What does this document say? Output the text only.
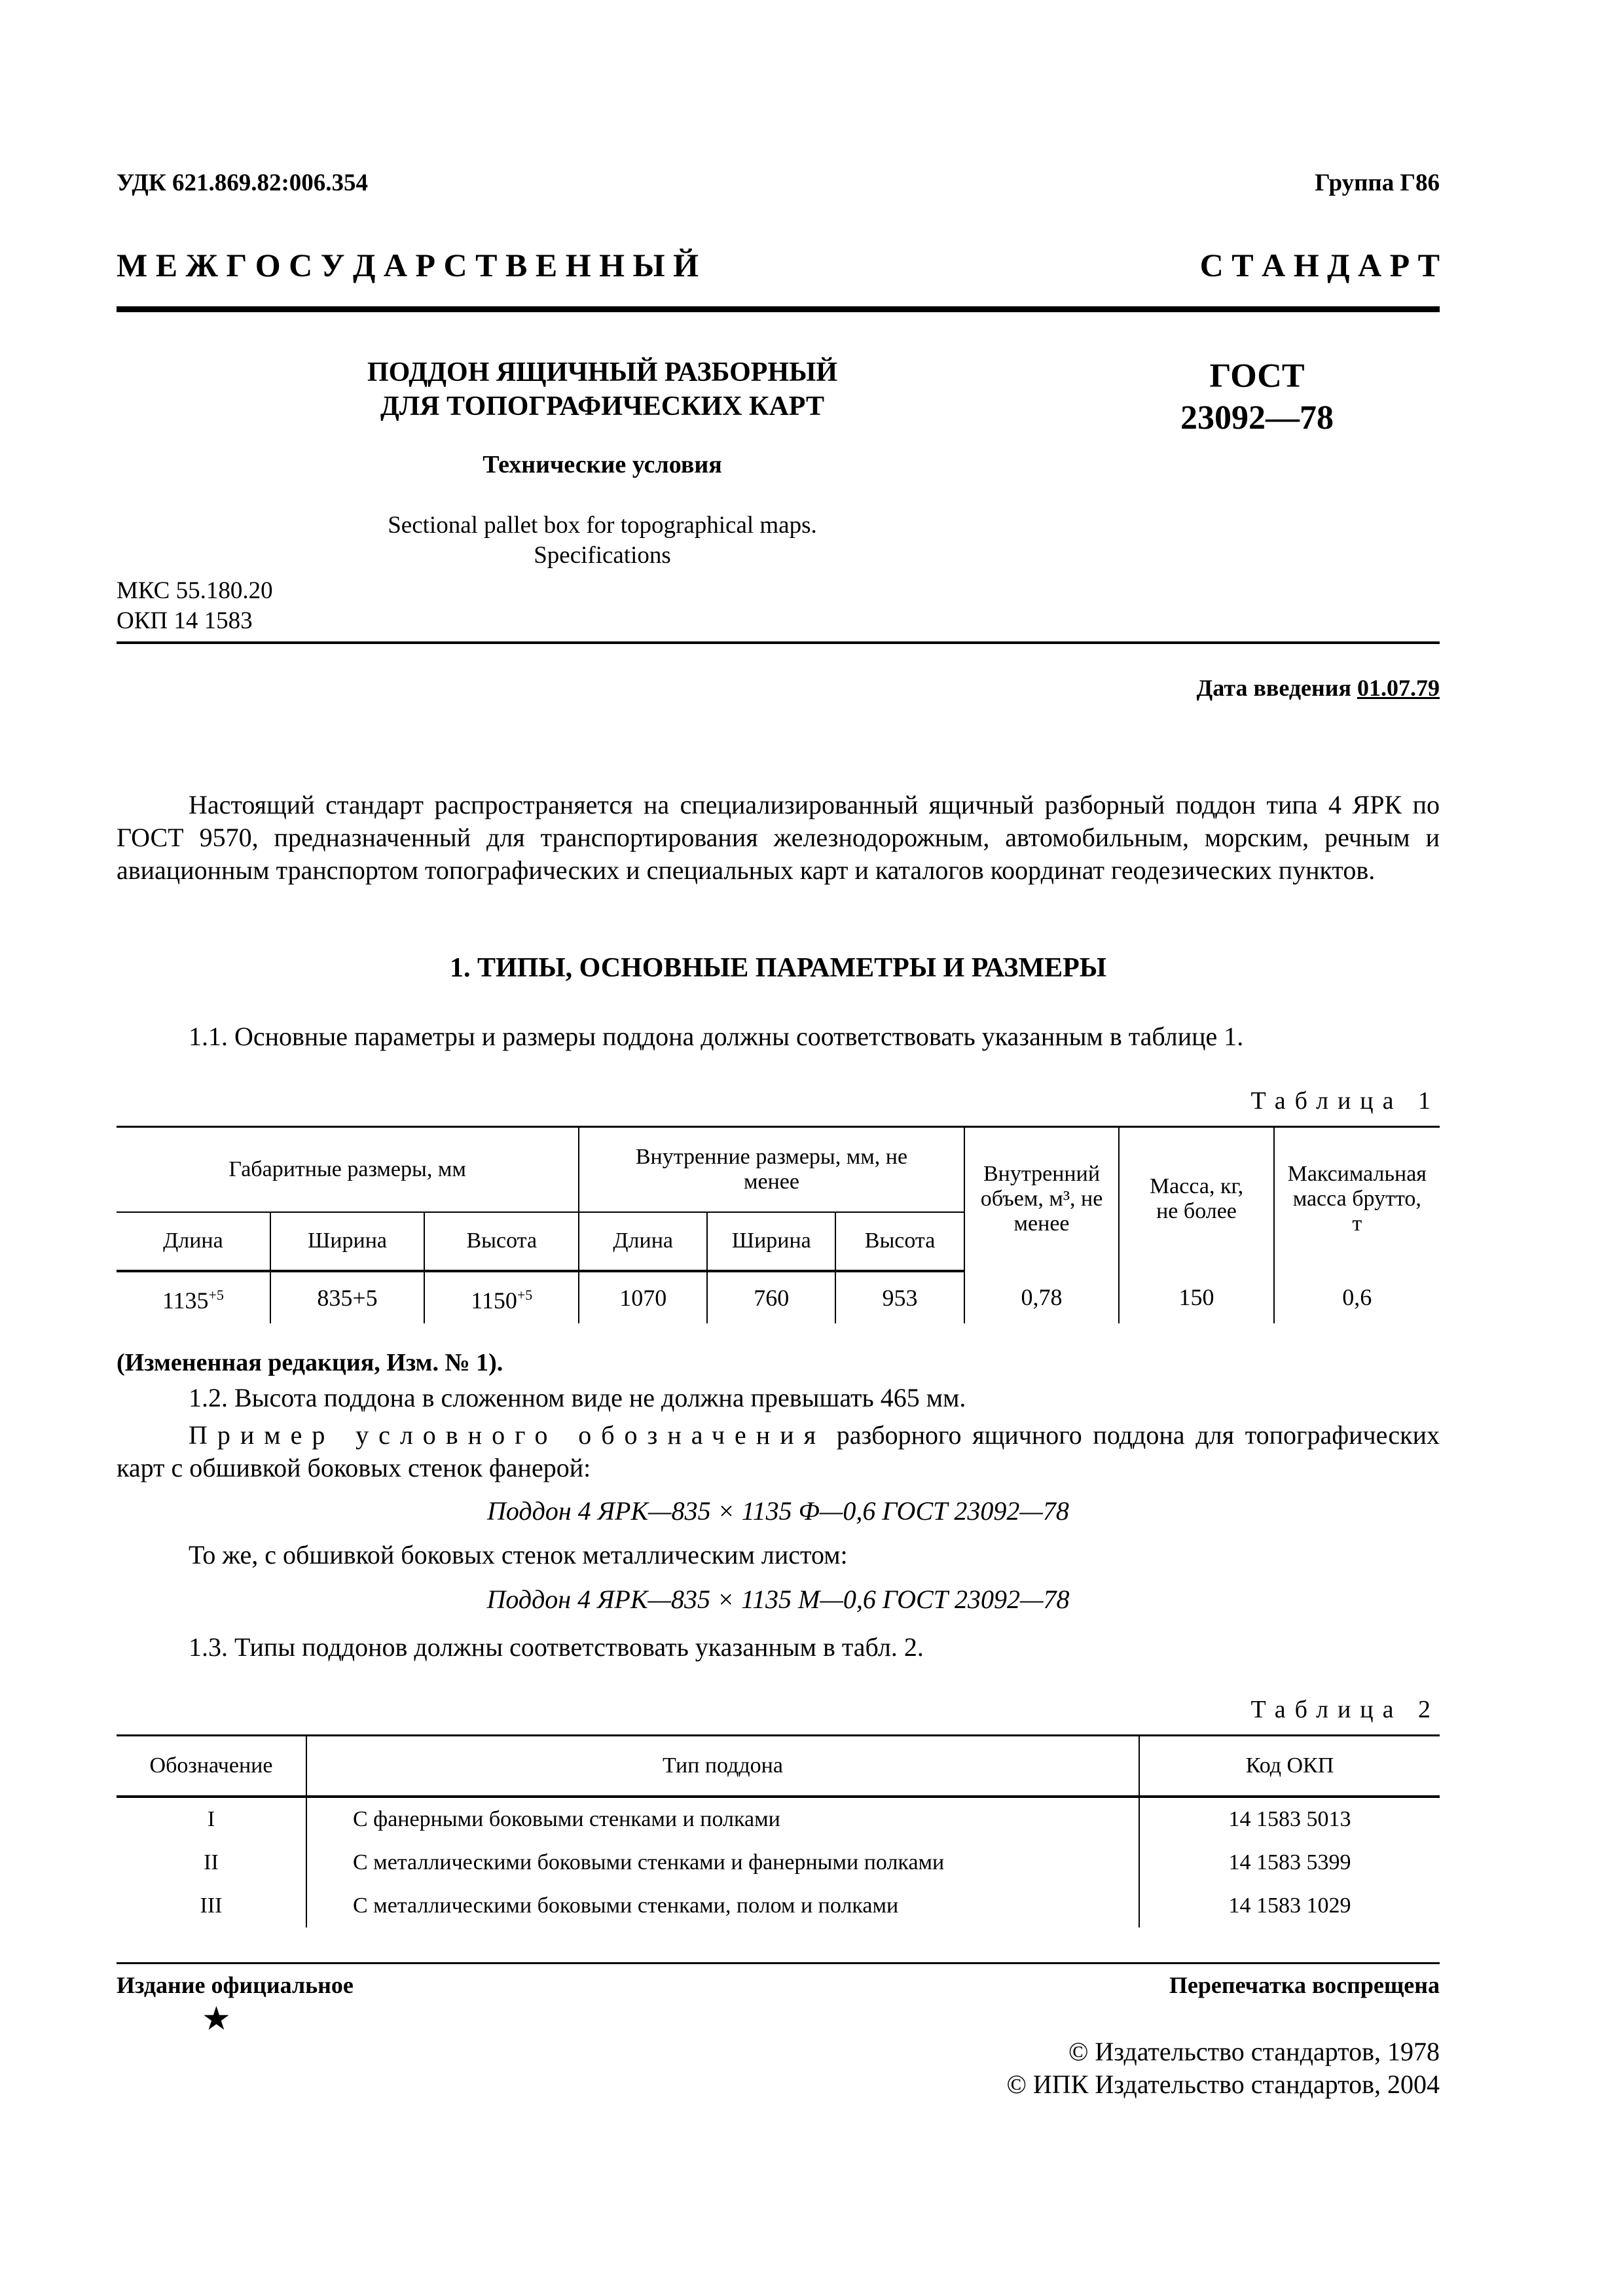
УДК 621.869.82:006.354	Группа Г86
М Е Ж Г О С У Д А Р С Т В Е Н Н Ы Й	С Т А Н Д А Р Т
ПОДДОН ЯЩИЧНЫЙ РАЗБОРНЫЙ
ДЛЯ ТОПОГРАФИЧЕСКИХ КАРТ
ГОСТ
23092—78
Технические условия
Sectional pallet box for topographical maps.
Specifications
МКС 55.180.20
ОКП 14 1583
Дата введения 01.07.79
Настоящий стандарт распространяется на специализированный ящичный разборный поддон типа 4 ЯРК по ГОСТ 9570, предназначенный для транспортирования железнодорожным, автомобильным, морским, речным и авиационным транспортом топографических и специальных карт и каталогов координат геодезических пунктов.
1. ТИПЫ, ОСНОВНЫЕ ПАРАМЕТРЫ И РАЗМЕРЫ
1.1. Основные параметры и размеры поддона должны соответствовать указанным в таблице 1.
Таблица 1
Габаритные размеры, мм			Внутренние размеры, мм, не менее			Внутренний объем, м³, не менее	Масса, кг, не более	Максимальная масса брутто, т
Длина	Ширина	Высота	Длина	Ширина	Высота			
$1135^{+5}$	835+5	$1150^{+5}$	1070	760	953	0,78	150	0,6
(Измененная редакция, Изм. № 1).
1.2. Высота поддона в сложенном виде не должна превышать 465 мм.
Пример условного обозначения разборного ящичного поддона для топографических карт с обшивкой боковых стенок фанерой:
Поддон 4 ЯРК—835 × 1135 Ф—0,6 ГОСТ 23092—78
То же, с обшивкой боковых стенок металлическим листом:
Поддон 4 ЯРК—835 × 1135 М—0,6 ГОСТ 23092—78
1.3. Типы поддонов должны соответствовать указанным в табл. 2.
Таблица 2
Обозначение	Тип поддона	Код ОКП
I	С фанерными боковыми стенками и полками	14 1583 5013
II	С металлическими боковыми стенками и фанерными полками	14 1583 5399
III	С металлическими боковыми стенками, полом и полками	14 1583 1029
Издание официальное	Перепечатка воспрещена
★
© Издательство стандартов, 1978
© ИПК Издательство стандартов, 2004
